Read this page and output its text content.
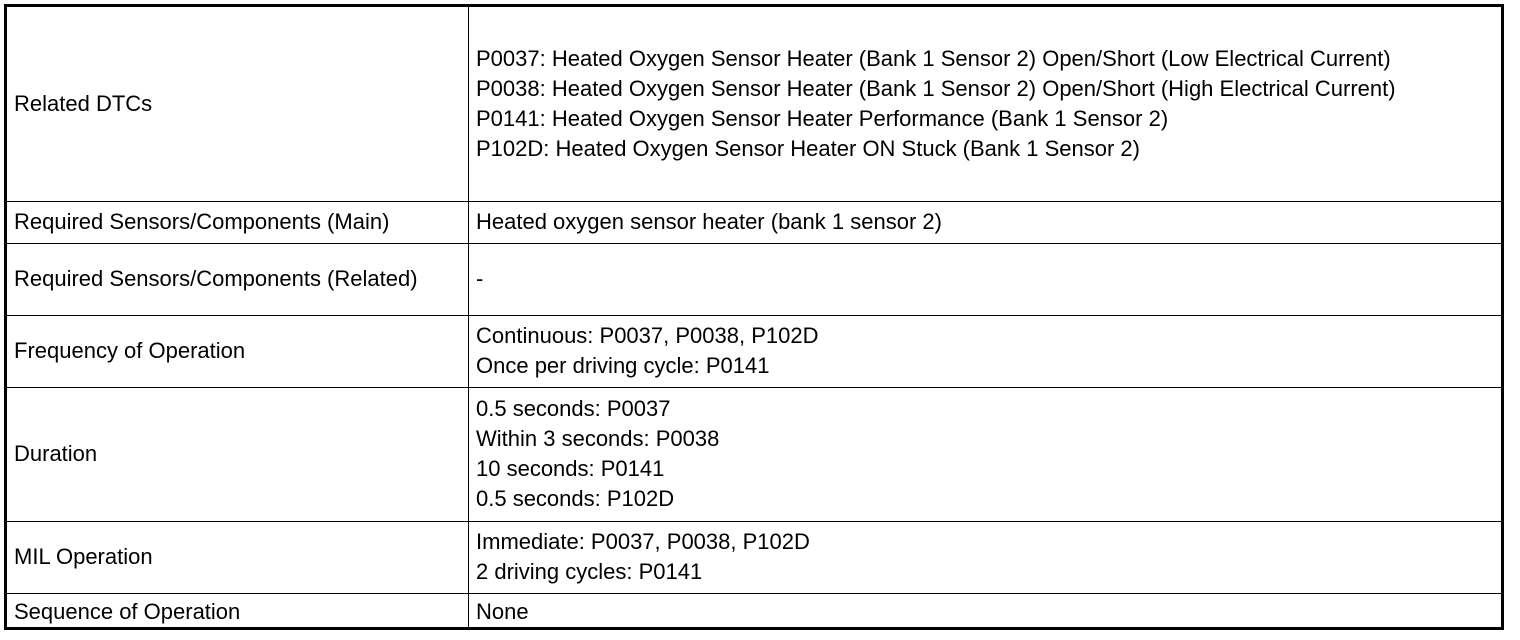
Related DTCs	P0037: Heated Oxygen Sensor Heater (Bank 1 Sensor 2) Open/Short (Low Electrical Current)
P0038: Heated Oxygen Sensor Heater (Bank 1 Sensor 2) Open/Short (High Electrical Current)
P0141: Heated Oxygen Sensor Heater Performance (Bank 1 Sensor 2)
P102D: Heated Oxygen Sensor Heater ON Stuck (Bank 1 Sensor 2)

Required Sensors/Components (Main)	Heated oxygen sensor heater (bank 1 sensor 2)

Required Sensors/Components (Related)	-

Frequency of Operation	Continuous: P0037, P0038, P102D
Once per driving cycle: P0141

Duration	0.5 seconds: P0037
Within 3 seconds: P0038
10 seconds: P0141
0.5 seconds: P102D

MIL Operation	Immediate: P0037, P0038, P102D
2 driving cycles: P0141

Sequence of Operation	None
